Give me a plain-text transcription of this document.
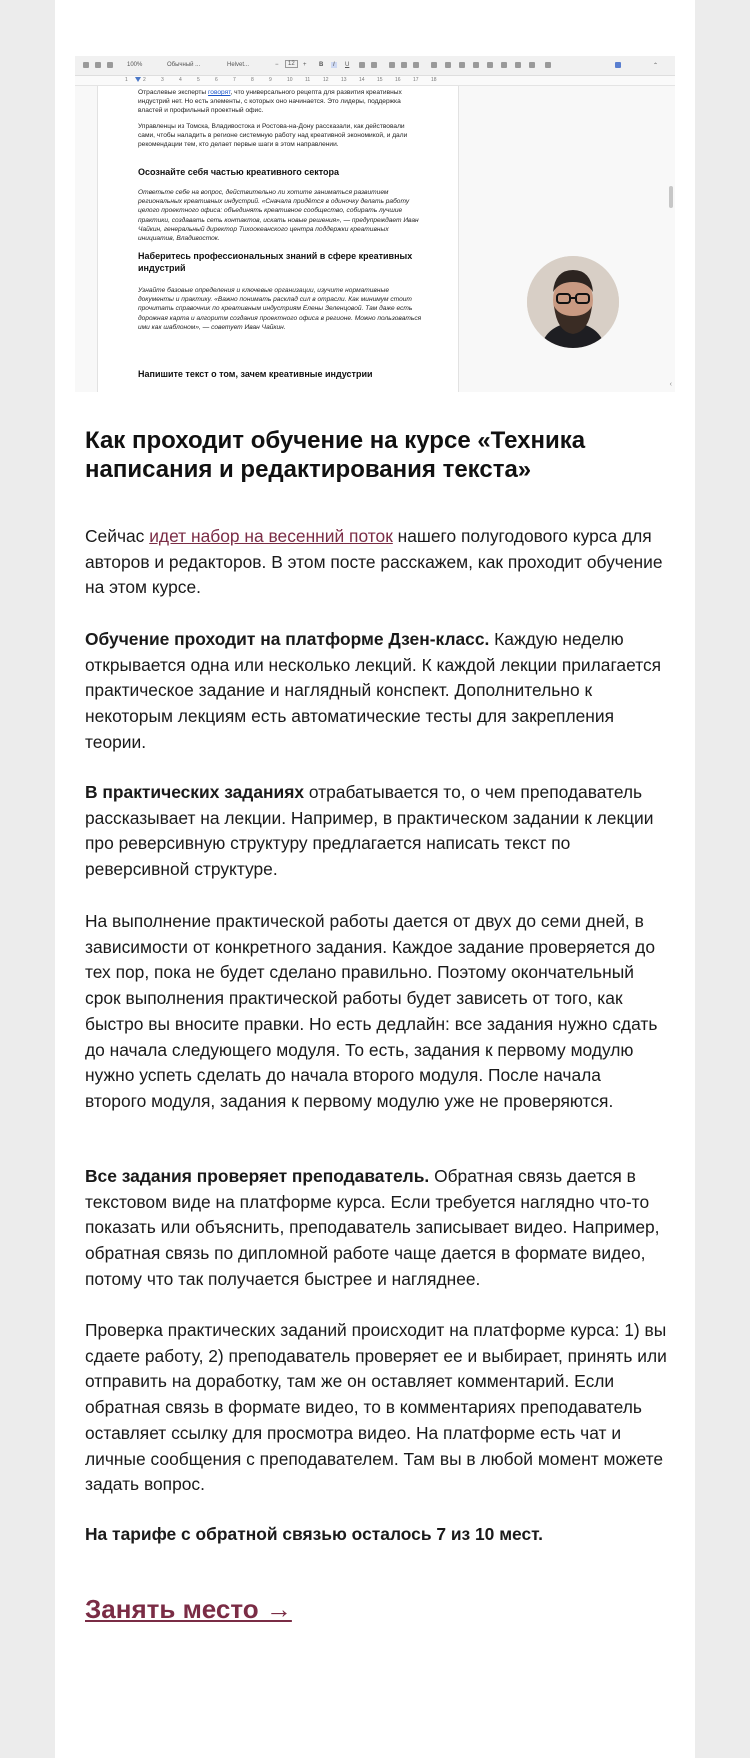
100%	Обычный ...	Helvet...	−	12	+ B	I	U	⌃
1	2	3	4	5	6	7	8	9	10 11	12 13 14 15 16 17 18
Отраслевые эксперты говорят, что универсального рецепта для развития креативных индустрий нет. Но есть элементы, с которых оно начинается. Это лидеры, поддержка властей и профильный проектный офис.
Управленцы из Томска, Владивостока и Ростова-на-Дону рассказали, как действовали сами, чтобы наладить в регионе системную работу над креативной экономикой, и дали рекомендации тем, кто делает первые шаги в этом направлении.
Осознайте себя частью креативного сектора
Ответьте себе на вопрос, действительно ли хотите заниматься развитием региональных креативных индустрий. «Сначала придётся в одиночку делать работу целого проектного офиса: объединять креативное сообщество, собирать лучшие практики, создавать сеть контактов, искать новые решения», — предупреждает Иван Чайкин, генеральный директор Тихоокеанского центра поддержки креативных инициатив, Владивосток.
Наберитесь профессиональных знаний в сфере креативных индустрий
Узнайте базовые определения и ключевые организации, изучите нормативные документы и практику. «Важно понимать расклад сил в отрасли. Как минимум стоит прочитать справочник по креативным индустриям Елены Зеленцовой. Там даже есть дорожная карта и алгоритм создания проектного офиса в регионе. Можно пользоваться ими как шаблоном», — советует Иван Чайкин.
Напишите текст о том, зачем креативные индустрии
‹
Как проходит обучение на курсе «Техника написания и редактирования текста»
Сейчас идет набор на весенний поток нашего полугодового курса для авторов и редакторов. В этом посте расскажем, как проходит обучение на этом курсе.
Обучение проходит на платформе Дзен-класс. Каждую неделю открывается одна или несколько лекций. К каждой лекции прилагается практическое задание и наглядный конспект. Дополнительно к некоторым лекциям есть автоматические тесты для закрепления теории.
В практических заданиях отрабатывается то, о чем преподаватель рассказывает на лекции. Например, в практическом задании к лекции про реверсивную структуру предлагается написать текст по реверсивной структуре.
На выполнение практической работы дается от двух до семи дней, в зависимости от конкретного задания. Каждое задание проверяется до тех пор, пока не будет сделано правильно. Поэтому окончательный срок выполнения практической работы будет зависеть от того, как быстро вы вносите правки. Но есть дедлайн: все задания нужно сдать до начала следующего модуля. То есть, задания к первому модулю нужно успеть сделать до начала второго модуля. После начала второго модуля, задания к первому модулю уже не проверяются.
Все задания проверяет преподаватель. Обратная связь дается в текстовом виде на платформе курса. Если требуется наглядно что-то показать или объяснить, преподаватель записывает видео. Например, обратная связь по дипломной работе чаще дается в формате видео, потому что так получается быстрее и нагляднее.
Проверка практических заданий происходит на платформе курса: 1) вы сдаете работу, 2) преподаватель проверяет ее и выбирает, принять или отправить на доработку, там же он оставляет комментарий. Если обратная связь в формате видео, то в комментариях преподаватель оставляет ссылку для просмотра видео. На платформе есть чат и личные сообщения с преподавателем. Там вы в любой момент можете задать вопрос.
На тарифе с обратной связью осталось 7 из 10 мест.
Занять место →
